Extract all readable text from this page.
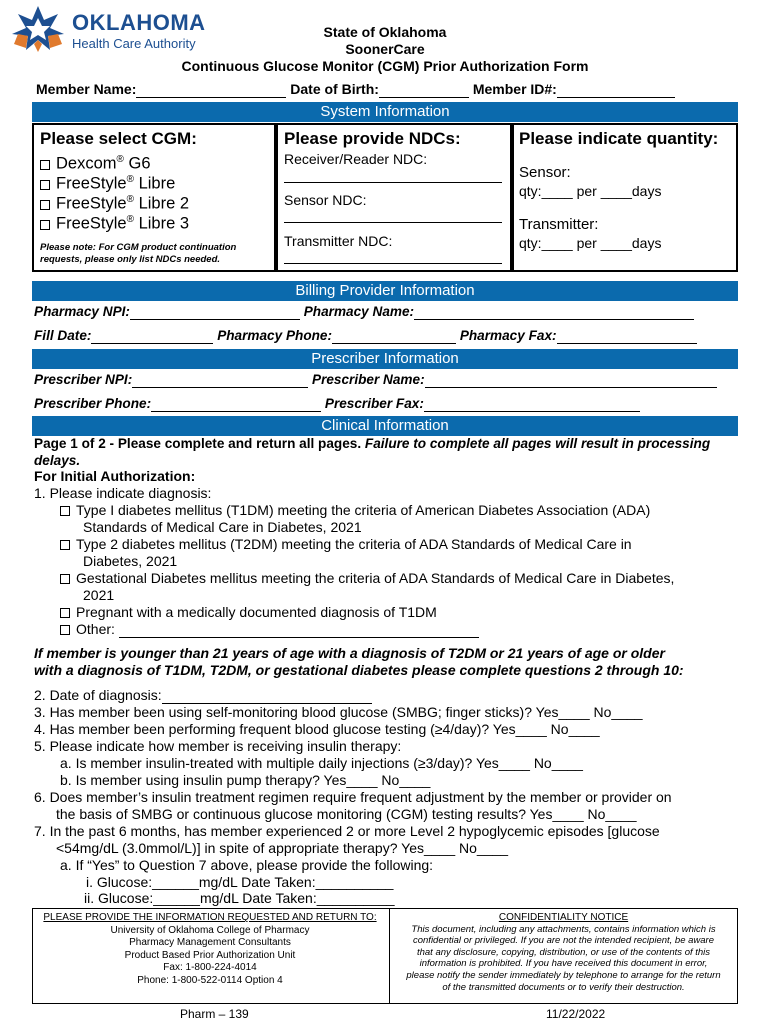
OKLAHOMA
Health Care Authority
State of Oklahoma
SoonerCare
Continuous Glucose Monitor (CGM) Prior Authorization Form
Member Name:	Date of Birth:	Member ID#:
System Information
Please select CGM:
Dexcom® G6
FreeStyle® Libre
FreeStyle® Libre 2
FreeStyle® Libre 3
Please note: For CGM product continuation requests, please only list NDCs needed.
Please provide NDCs:
Receiver/Reader NDC:
Sensor NDC:
Transmitter NDC:
Please indicate quantity:
Sensor:
qty:____ per ____days
Transmitter:
qty:____ per ____days
Billing Provider Information
Pharmacy NPI:	Pharmacy Name:
Fill Date:	Pharmacy Phone:	Pharmacy Fax:
Prescriber Information
Prescriber NPI:	Prescriber Name:
Prescriber Phone:	Prescriber Fax:
Clinical Information
Page 1 of 2 - Please complete and return all pages. Failure to complete all pages will result in processing
delays.
For Initial Authorization:
1. Please indicate diagnosis:
Type I diabetes mellitus (T1DM) meeting the criteria of American Diabetes Association (ADA)
Standards of Medical Care in Diabetes, 2021
Type 2 diabetes mellitus (T2DM) meeting the criteria of ADA Standards of Medical Care in
Diabetes, 2021
Gestational Diabetes mellitus meeting the criteria of ADA Standards of Medical Care in Diabetes,
2021
Pregnant with a medically documented diagnosis of T1DM
Other:
If member is younger than 21 years of age with a diagnosis of T2DM or 21 years of age or older
with a diagnosis of T1DM, T2DM, or gestational diabetes please complete questions 2 through 10:
2. Date of diagnosis:
3. Has member been using self-monitoring blood glucose (SMBG; finger sticks)? Yes____ No____
4. Has member been performing frequent blood glucose testing (≥4/day)? Yes____ No____
5. Please indicate how member is receiving insulin therapy:
a. Is member insulin-treated with multiple daily injections (≥3/day)? Yes____ No____
b. Is member using insulin pump therapy? Yes____ No____
6. Does member’s insulin treatment regimen require frequent adjustment by the member or provider on
the basis of SMBG or continuous glucose monitoring (CGM) testing results? Yes____ No____
7. In the past 6 months, has member experienced 2 or more Level 2 hypoglycemic episodes [glucose
<54mg/dL (3.0mmol/L)] in spite of appropriate therapy? Yes____ No____
a. If “Yes” to Question 7 above, please provide the following:
i. Glucose:______mg/dL Date Taken:__________
ii. Glucose:______mg/dL Date Taken:__________
PLEASE PROVIDE THE INFORMATION REQUESTED AND RETURN TO:
University of Oklahoma College of Pharmacy
Pharmacy Management Consultants
Product Based Prior Authorization Unit
Fax: 1-800-224-4014
Phone: 1-800-522-0114 Option 4
CONFIDENTIALITY NOTICE
This document, including any attachments, contains information which is
confidential or privileged. If you are not the intended recipient, be aware
that any disclosure, copying, distribution, or use of the contents of this
information is prohibited. If you have received this document in error,
please notify the sender immediately by telephone to arrange for the return
of the transmitted documents or to verify their destruction.
Pharm – 139	11/22/2022
